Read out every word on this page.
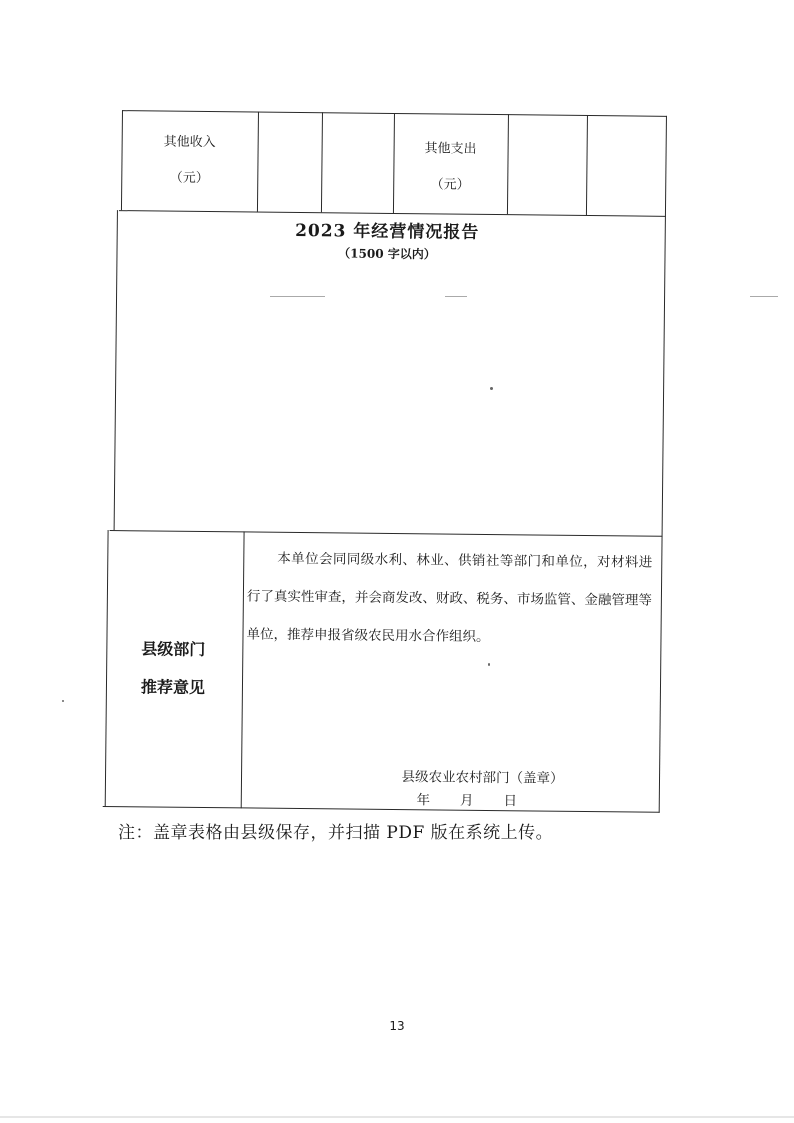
其他收入
（元）
其他支出
（元）
2023 年经营情况报告
（1500 字以内）
县级部门
推荐意见
本单位会同同级水利、林业、供销社等部门和单位，对材料进行了真实性审查，并会商发改、财政、税务、市场监管、金融管理等单位，推荐申报省级农民用水合作组织。
县级农业农村部门（盖章）
年　　月　　日
注：盖章表格由县级保存，并扫描 PDF 版在系统上传。
13
